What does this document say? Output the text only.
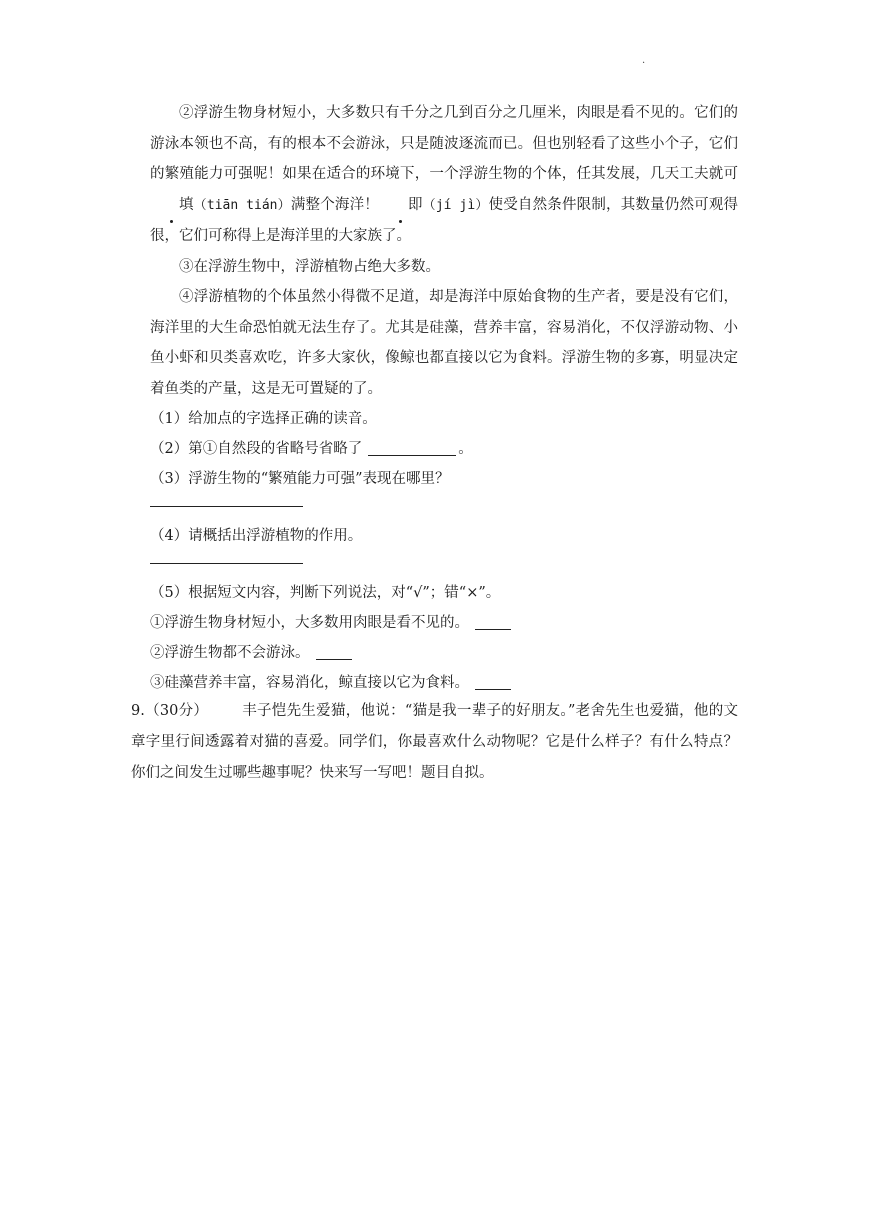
.

②浮游生物身材短小，大多数只有千分之几到百分之几厘米，肉眼是看不见的。它们的游泳本领也不高，有的根本不会游泳，只是随波逐流而已。但也别轻看了这些小个子，它们的繁殖能力可强呢！如果在适合的环境下，一个浮游生物的个体，任其发展，几天工夫就可填（tiān tián）满整个海洋！ 即（jí jì）使受自然条件限制，其数量仍然可观得很，它们可称得上是海洋里的大家族了。

③在浮游生物中，浮游植物占绝大多数。

④浮游植物的个体虽然小得微不足道，却是海洋中原始食物的生产者，要是没有它们，海洋里的大生命恐怕就无法生存了。尤其是硅藻，营养丰富，容易消化，不仅浮游动物、小鱼小虾和贝类喜欢吃，许多大家伙，像鲸也都直接以它为食料。浮游生物的多寡，明显决定着鱼类的产量，这是无可置疑的了。

（1）给加点的字选择正确的读音。

（2）第①自然段的省略号省略了	。

（3）浮游生物的“繁殖能力可强”表现在哪里？

（4）请概括出浮游植物的作用。

（5）根据短文内容，判断下列说法，对“√”；错“×”。

①浮游生物身材短小，大多数用肉眼是看不见的。

②浮游生物都不会游泳。

③硅藻营养丰富，容易消化，鲸直接以它为食料。

9.（30分） 丰子恺先生爱猫，他说：“猫是我一辈子的好朋友。”老舍先生也爱猫，他的文章字里行间透露着对猫的喜爱。同学们，你最喜欢什么动物呢？它是什么样子？有什么特点？你们之间发生过哪些趣事呢？快来写一写吧！题目自拟。
